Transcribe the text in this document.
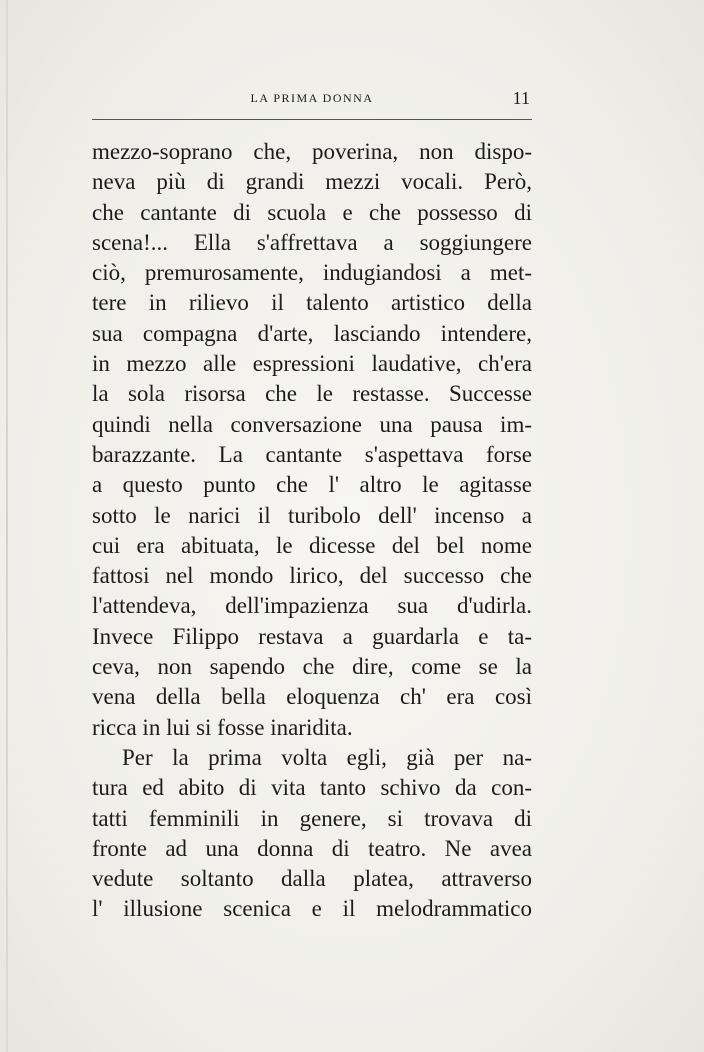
LA PRIMA DONNA	11
mezzo-soprano che, poverina, non dispo-
neva più di grandi mezzi vocali. Però,
che cantante di scuola e che possesso di
scena!... Ella s'affrettava a soggiungere
ciò, premurosamente, indugiandosi a met-
tere in rilievo il talento artistico della
sua compagna d'arte, lasciando intendere,
in mezzo alle espressioni laudative, ch'era
la sola risorsa che le restasse. Successe
quindi nella conversazione una pausa im-
barazzante. La cantante s'aspettava forse
a questo punto che l' altro le agitasse
sotto le narici il turibolo dell' incenso a
cui era abituata, le dicesse del bel nome
fattosi nel mondo lirico, del successo che
l'attendeva, dell'impazienza sua d'udirla.
Invece Filippo restava a guardarla e ta-
ceva, non sapendo che dire, come se la
vena della bella eloquenza ch' era così
ricca in lui si fosse inaridita.
Per la prima volta egli, già per na-
tura ed abito di vita tanto schivo da con-
tatti femminili in genere, si trovava di
fronte ad una donna di teatro. Ne avea
vedute soltanto dalla platea, attraverso
l' illusione scenica e il melodrammatico
